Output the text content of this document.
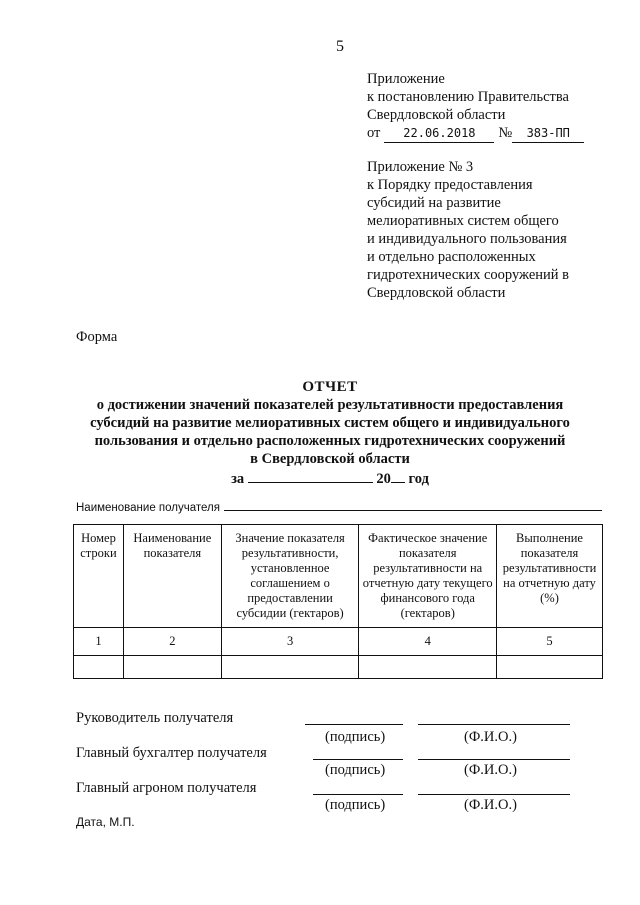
5
Приложение
к постановлению Правительства
Свердловской области
от	22.06.2018	№	383-ПП
Приложение № 3
к Порядку предоставления
субсидий на развитие
мелиоративных систем общего
и индивидуального пользования
и отдельно расположенных
гидротехнических сооружений в
Свердловской области
Форма
ОТЧЕТ
о достижении значений показателей результативности предоставления
субсидий на развитие мелиоративных систем общего и индивидуального
пользования и отдельно расположенных гидротехнических сооружений
в Свердловской области
за	20 год
Наименование получателя
Номер строки	Наименование показателя	Значение показателя результативности, установленное соглашением о предоставлении субсидии (гектаров)	Фактическое значение показателя результативности на отчетную дату текущего финансового года (гектаров)	Выполнение показателя результативности на отчетную дату (%)
1	2	3	4	5

Руководитель получателя
(подпись)	(Ф.И.О.)
Главный бухгалтер получателя
(подпись)	(Ф.И.О.)
Главный агроном получателя
(подпись)	(Ф.И.О.)
Дата, М.П.
